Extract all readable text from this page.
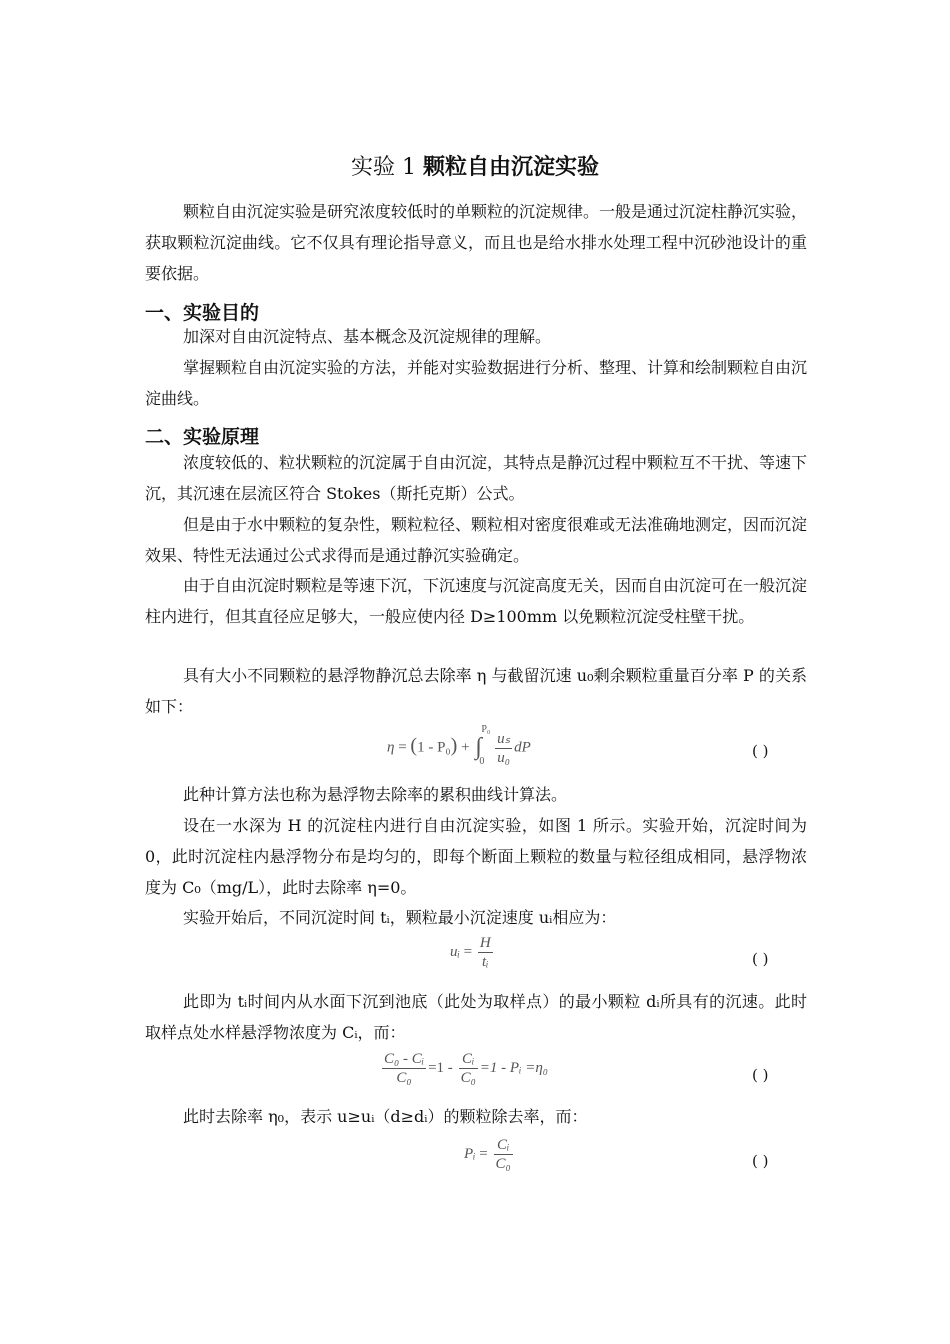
实验 1 颗粒自由沉淀实验

颗粒自由沉淀实验是研究浓度较低时的单颗粒的沉淀规律。一般是通过沉淀柱静沉实验，获取颗粒沉淀曲线。它不仅具有理论指导意义，而且也是给水排水处理工程中沉砂池设计的重要依据。

一、实验目的

加深对自由沉淀特点、基本概念及沉淀规律的理解。

掌握颗粒自由沉淀实验的方法，并能对实验数据进行分析、整理、计算和绘制颗粒自由沉淀曲线。

二、实验原理

浓度较低的、粒状颗粒的沉淀属于自由沉淀，其特点是静沉过程中颗粒互不干扰、等速下沉，其沉速在层流区符合 Stokes（斯托克斯）公式。

但是由于水中颗粒的复杂性，颗粒粒径、颗粒相对密度很难或无法准确地测定，因而沉淀效果、特性无法通过公式求得而是通过静沉实验确定。

由于自由沉淀时颗粒是等速下沉，下沉速度与沉淀高度无关，因而自由沉淀可在一般沉淀柱内进行，但其直径应足够大，一般应使内径 D≥100mm 以免颗粒沉淀受柱壁干扰。

具有大小不同颗粒的悬浮物静沉总去除率 η 与截留沉速 u₀剩余颗粒重量百分率 P 的关系如下：

η = (1 - P₀) + ∫
P₀
0
$\frac{\text{uₛ}}{\text{u₀}}$ dP	( )

此种计算方法也称为悬浮物去除率的累积曲线计算法。

设在一水深为 H 的沉淀柱内进行自由沉淀实验，如图 1 所示。实验开始，沉淀时间为 0，此时沉淀柱内悬浮物分布是均匀的，即每个断面上颗粒的数量与粒径组成相同，悬浮物浓度为 C₀（mg/L），此时去除率 η=0。

实验开始后，不同沉淀时间 tᵢ，颗粒最小沉淀速度 uᵢ相应为：

uᵢ = $\frac{H}{\text{tᵢ}}$	( )

此即为 tᵢ时间内从水面下沉到池底（此处为取样点）的最小颗粒 dᵢ所具有的沉速。此时取样点处水样悬浮物浓度为 Cᵢ，而：

$\frac{\text{C₀ - Cᵢ}}{\text{C₀}} =1 - \frac{\text{Cᵢ}}{\text{C₀}} =1$ - Pᵢ =η₀	( )

此时去除率 η₀，表示 u≥uᵢ（d≥dᵢ）的颗粒除去率，而：

Pᵢ = $\frac{\text{Cᵢ}}{\text{C₀}}$	( )
